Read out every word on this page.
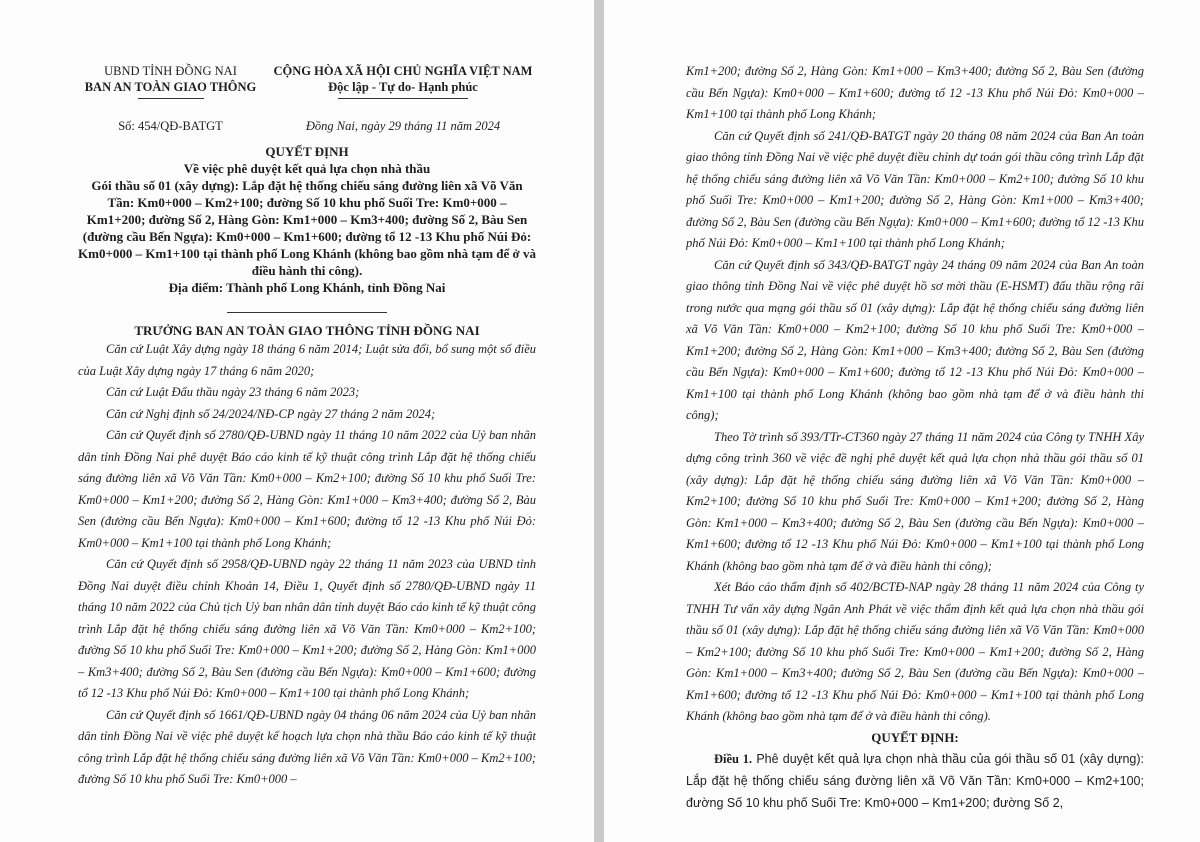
UBND TỈNH ĐỒNG NAI
BAN AN TOÀN GIAO THÔNG
Số: 454/QĐ-BATGT
CỘNG HÒA XÃ HỘI CHỦ NGHĨA VIỆT NAM
Độc lập - Tự do- Hạnh phúc
Đồng Nai, ngày 29 tháng 11 năm 2024
QUYẾT ĐỊNH
Về việc phê duyệt kết quả lựa chọn nhà thầu
Gói thầu số 01 (xây dựng): Lắp đặt hệ thống chiếu sáng đường liên xã Võ Văn Tần: Km0+000 – Km2+100; đường Số 10 khu phố Suối Tre: Km0+000 – Km1+200; đường Số 2, Hàng Gòn: Km1+000 – Km3+400; đường Số 2, Bàu Sen (đường cầu Bến Ngựa): Km0+000 – Km1+600; đường tổ 12 -13 Khu phố Núi Đỏ: Km0+000 – Km1+100 tại thành phố Long Khánh (không bao gồm nhà tạm để ở và điều hành thi công).
Địa điểm: Thành phố Long Khánh, tỉnh Đồng Nai
TRƯỞNG BAN AN TOÀN GIAO THÔNG TỈNH ĐỒNG NAI

Căn cứ Luật Xây dựng ngày 18 tháng 6 năm 2014; Luật sửa đổi, bổ sung một số điều của Luật Xây dựng ngày 17 tháng 6 năm 2020;

Căn cứ Luật Đấu thầu ngày 23 tháng 6 năm 2023;

Căn cứ Nghị định số 24/2024/NĐ-CP ngày 27 tháng 2 năm 2024;

Căn cứ Quyết định số 2780/QĐ-UBND ngày 11 tháng 10 năm 2022 của Uỷ ban nhân dân tỉnh Đồng Nai phê duyệt Báo cáo kinh tế kỹ thuật công trình Lắp đặt hệ thống chiếu sáng đường liên xã Võ Văn Tần: Km0+000 – Km2+100; đường Số 10 khu phố Suối Tre: Km0+000 – Km1+200; đường Số 2, Hàng Gòn: Km1+000 – Km3+400; đường Số 2, Bàu Sen (đường cầu Bến Ngựa): Km0+000 – Km1+600; đường tổ 12 -13 Khu phố Núi Đỏ: Km0+000 – Km1+100 tại thành phố Long Khánh;

Căn cứ Quyết định số 2958/QĐ-UBND ngày 22 tháng 11 năm 2023 của UBND tỉnh Đồng Nai duyệt điều chỉnh Khoản 14, Điều 1, Quyết định số 2780/QĐ-UBND ngày 11 tháng 10 năm 2022 của Chủ tịch Uỷ ban nhân dân tỉnh duyệt Báo cáo kinh tế kỹ thuật công trình Lắp đặt hệ thống chiếu sáng đường liên xã Võ Văn Tần: Km0+000 – Km2+100; đường Số 10 khu phố Suối Tre: Km0+000 – Km1+200; đường Số 2, Hàng Gòn: Km1+000 – Km3+400; đường Số 2, Bàu Sen (đường cầu Bến Ngựa): Km0+000 – Km1+600; đường tổ 12 -13 Khu phố Núi Đỏ: Km0+000 – Km1+100 tại thành phố Long Khánh;

Căn cứ Quyết định số 1661/QĐ-UBND ngày 04 tháng 06 năm 2024 của Uỷ ban nhân dân tỉnh Đồng Nai về việc phê duyệt kế hoạch lựa chọn nhà thầu Báo cáo kinh tế kỹ thuật công trình Lắp đặt hệ thống chiếu sáng đường liên xã Võ Văn Tần: Km0+000 – Km2+100; đường Số 10 khu phố Suối Tre: Km0+000 –

Km1+200; đường Số 2, Hàng Gòn: Km1+000 – Km3+400; đường Số 2, Bàu Sen (đường cầu Bến Ngựa): Km0+000 – Km1+600; đường tổ 12 -13 Khu phố Núi Đỏ: Km0+000 – Km1+100 tại thành phố Long Khánh;

Căn cứ Quyết định số 241/QĐ-BATGT ngày 20 tháng 08 năm 2024 của Ban An toàn giao thông tỉnh Đồng Nai về việc phê duyệt điều chỉnh dự toán gói thầu công trình Lắp đặt hệ thống chiếu sáng đường liên xã Võ Văn Tần: Km0+000 – Km2+100; đường Số 10 khu phố Suối Tre: Km0+000 – Km1+200; đường Số 2, Hàng Gòn: Km1+000 – Km3+400; đường Số 2, Bàu Sen (đường cầu Bến Ngựa): Km0+000 – Km1+600; đường tổ 12 -13 Khu phố Núi Đỏ: Km0+000 – Km1+100 tại thành phố Long Khánh;

Căn cứ Quyết định số 343/QĐ-BATGT ngày 24 tháng 09 năm 2024 của Ban An toàn giao thông tỉnh Đồng Nai về việc phê duyệt hồ sơ mời thầu (E-HSMT) đấu thầu rộng rãi trong nước qua mạng gói thầu số 01 (xây dựng): Lắp đặt hệ thống chiếu sáng đường liên xã Võ Văn Tần: Km0+000 – Km2+100; đường Số 10 khu phố Suối Tre: Km0+000 – Km1+200; đường Số 2, Hàng Gòn: Km1+000 – Km3+400; đường Số 2, Bàu Sen (đường cầu Bến Ngựa): Km0+000 – Km1+600; đường tổ 12 -13 Khu phố Núi Đỏ: Km0+000 – Km1+100 tại thành phố Long Khánh (không bao gồm nhà tạm để ở và điều hành thi công);

Theo Tờ trình số 393/TTr-CT360 ngày 27 tháng 11 năm 2024 của Công ty TNHH Xây dựng công trình 360 về việc đề nghị phê duyệt kết quả lựa chọn nhà thầu gói thầu số 01 (xây dựng): Lắp đặt hệ thống chiếu sáng đường liên xã Võ Văn Tần: Km0+000 – Km2+100; đường Số 10 khu phố Suối Tre: Km0+000 – Km1+200; đường Số 2, Hàng Gòn: Km1+000 – Km3+400; đường Số 2, Bàu Sen (đường cầu Bến Ngựa): Km0+000 – Km1+600; đường tổ 12 -13 Khu phố Núi Đỏ: Km0+000 – Km1+100 tại thành phố Long Khánh (không bao gồm nhà tạm để ở và điều hành thi công);

Xét Báo cáo thẩm định số 402/BCTĐ-NAP ngày 28 tháng 11 năm 2024 của Công ty TNHH Tư vấn xây dựng Ngân Anh Phát về việc thẩm định kết quả lựa chọn nhà thầu gói thầu số 01 (xây dựng): Lắp đặt hệ thống chiếu sáng đường liên xã Võ Văn Tần: Km0+000 – Km2+100; đường Số 10 khu phố Suối Tre: Km0+000 – Km1+200; đường Số 2, Hàng Gòn: Km1+000 – Km3+400; đường Số 2, Bàu Sen (đường cầu Bến Ngựa): Km0+000 – Km1+600; đường tổ 12 -13 Khu phố Núi Đỏ: Km0+000 – Km1+100 tại thành phố Long Khánh (không bao gồm nhà tạm để ở và điều hành thi công).

QUYẾT ĐỊNH:

Điều 1. Phê duyệt kết quả lựa chọn nhà thầu của gói thầu số 01 (xây dựng): Lắp đặt hệ thống chiếu sáng đường liên xã Võ Văn Tần: Km0+000 – Km2+100; đường Số 10 khu phố Suối Tre: Km0+000 – Km1+200; đường Số 2,
